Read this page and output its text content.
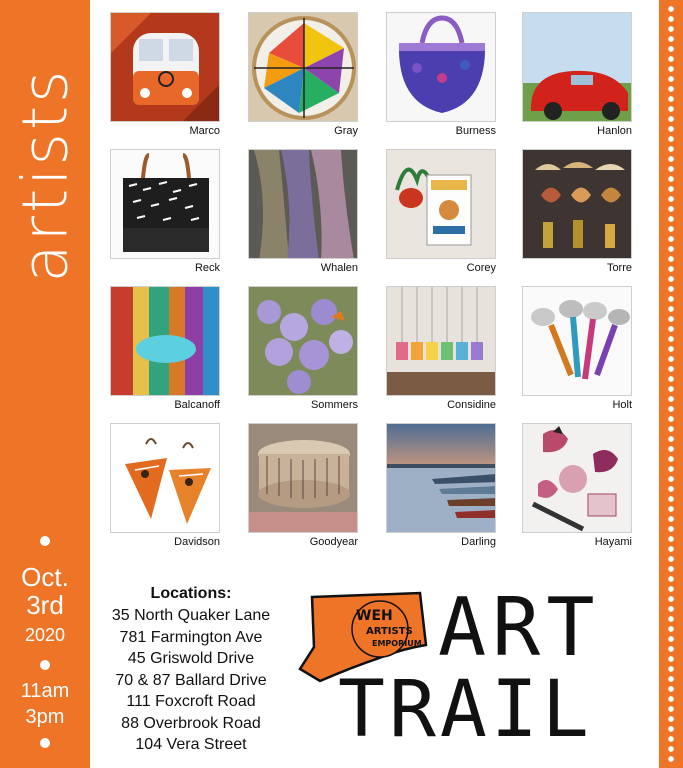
artists
Oct.
3rd
2020
11am
3pm
Marco	Gray	Burness	Hanlon
Reck	Whalen	Corey	Torre
Balcanoff	Sommers	Considine	Holt
Davidson	Goodyear	Darling	Hayami
Locations:
35 North Quaker Lane
781 Farmington Ave
45 Griswold Drive
70 & 87 Ballard Drive
111 Foxcroft Road
88 Overbrook Road
104 Vera Street
WEH
ARTISTS
EMPORIUM ART
TRAIL
